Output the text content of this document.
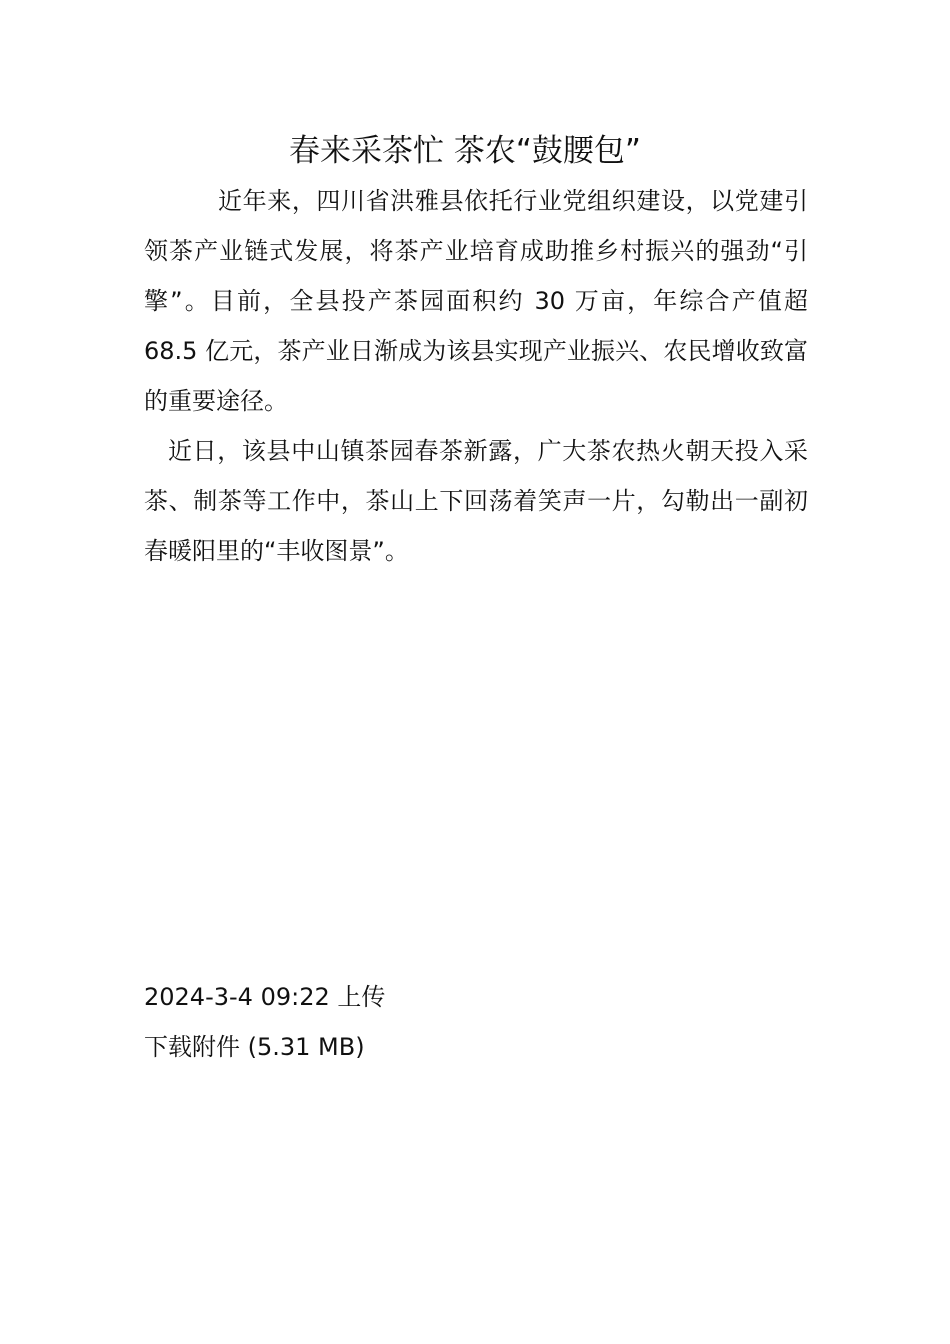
春来采茶忙 茶农“鼓腰包”

近年来，四川省洪雅县依托行业党组织建设，以党建引领茶产业链式发展，将茶产业培育成助推乡村振兴的强劲“引擎”。目前，全县投产茶园面积约 30 万亩，年综合产值超 68.5 亿元，茶产业日渐成为该县实现产业振兴、农民增收致富的重要途径。

近日，该县中山镇茶园春茶新露，广大茶农热火朝天投入采茶、制茶等工作中，茶山上下回荡着笑声一片，勾勒出一副初春暖阳里的“丰收图景”。

2024-3-4 09:22 上传
下载附件 (5.31 MB)
